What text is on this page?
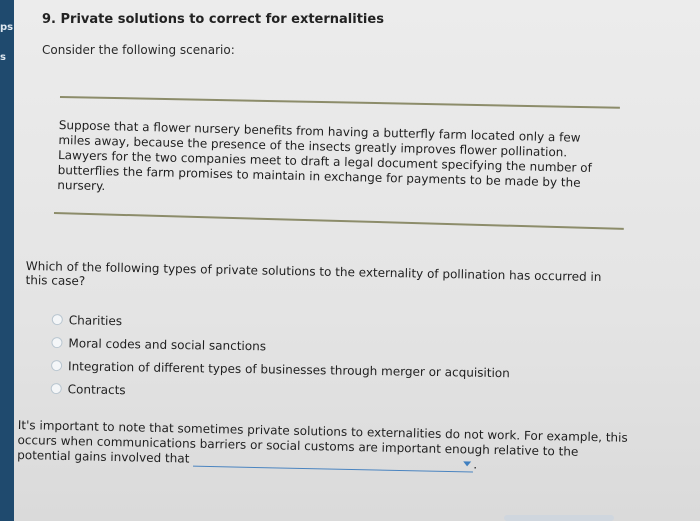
ps
s
9. Private solutions to correct for externalities
Consider the following scenario:
Suppose that a flower nursery benefits from having a butterfly farm located only a few miles away, because the presence of the insects greatly improves flower pollination. Lawyers for the two companies meet to draft a legal document specifying the number of butterflies the farm promises to maintain in exchange for payments to be made by the nursery.
Which of the following types of private solutions to the externality of pollination has occurred in this case?
Charities
Moral codes and social sanctions
Integration of different types of businesses through merger or acquisition
Contracts
It's important to note that sometimes private solutions to externalities do not work. For example, this occurs when communications barriers or social customs are important enough relative to the potential gains involved that	.
